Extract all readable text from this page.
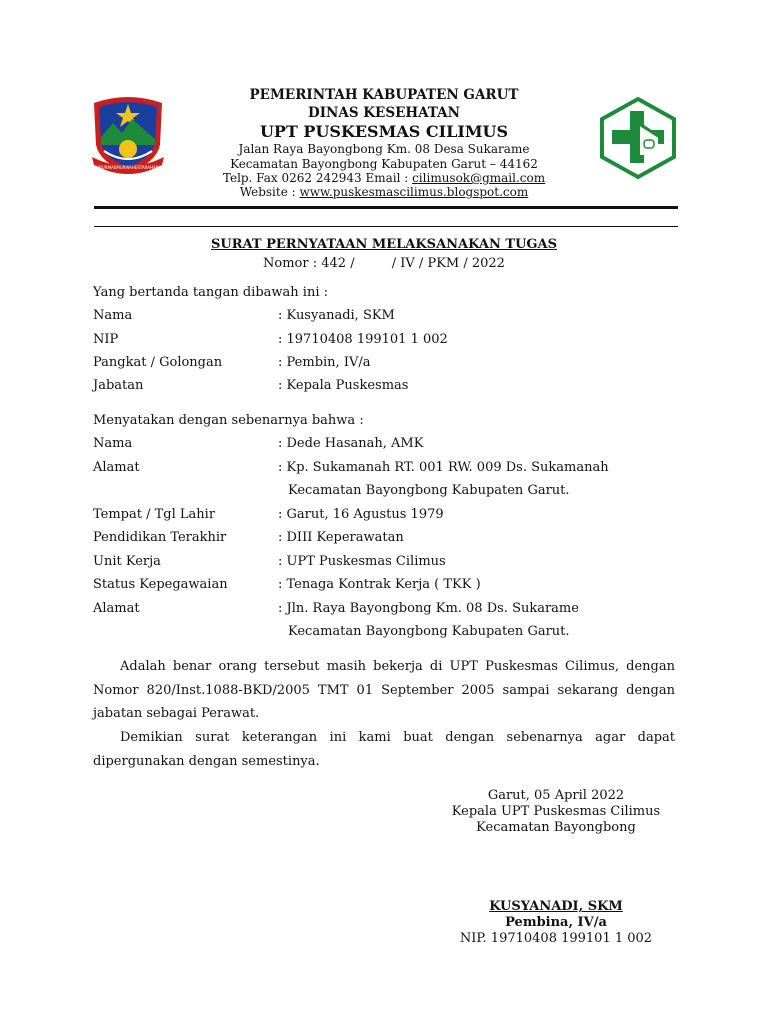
SUBURMAKMURWAHERTARAHARJA
PEMERINTAH KABUPATEN GARUT
DINAS KESEHATAN
UPT PUSKESMAS CILIMUS
Jalan Raya Bayongbong Km. 08 Desa Sukarame
Kecamatan Bayongbong Kabupaten Garut – 44162
Telp. Fax 0262 242943 Email : cilimusok@gmail.com
Website : www.puskesmascilimus.blogspot.com
SURAT PERNYATAAN MELAKSANAKAN TUGAS
Nomor : 442 /         / IV / PKM / 2022
Yang bertanda tangan dibawah ini :
Nama	: Kusyanadi, SKM
NIP	: 19710408 199101 1 002
Pangkat / Golongan	: Pembin, IV/a
Jabatan	: Kepala Puskesmas
Menyatakan dengan sebenarnya bahwa :
Nama	: Dede Hasanah, AMK
Alamat	: Kp. Sukamanah RT. 001 RW. 009 Ds. Sukamanah
Kecamatan Bayongbong Kabupaten Garut.
Tempat / Tgl Lahir	: Garut, 16 Agustus 1979
Pendidikan Terakhir	: DIII Keperawatan
Unit Kerja	: UPT Puskesmas Cilimus
Status Kepegawaian	: Tenaga Kontrak Kerja ( TKK )
Alamat	: Jln. Raya Bayongbong Km. 08 Ds. Sukarame
Kecamatan Bayongbong Kabupaten Garut.
Adalah benar orang tersebut masih bekerja di UPT Puskesmas Cilimus, dengan Nomor 820/Inst.1088-BKD/2005 TMT 01 September 2005 sampai sekarang dengan jabatan sebagai Perawat.
Demikian surat keterangan ini kami buat dengan sebenarnya agar dapat dipergunakan dengan semestinya.
Garut, 05 April 2022
Kepala UPT Puskesmas Cilimus
Kecamatan Bayongbong
KUSYANADI, SKM
Pembina, IV/a
NIP. 19710408 199101 1 002
